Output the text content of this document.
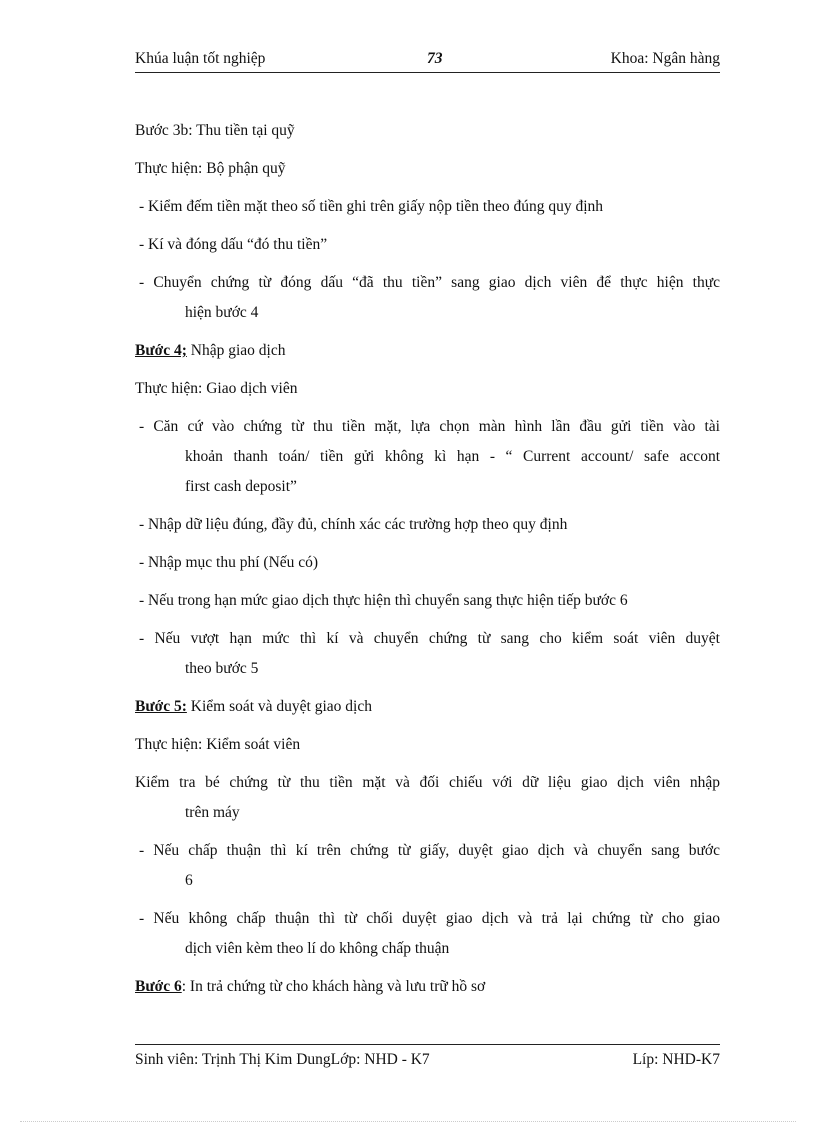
Khúa luận tốt nghiệp	73	Khoa: Ngân hàng
Bước 3b: Thu tiền tại quỹ
Thực hiện: Bộ phận quỹ
- Kiểm đếm tiền mặt theo số tiền ghi trên giấy nộp tiền theo đúng quy định
- Kí và đóng dấu “đó thu tiền”
- Chuyển chứng từ đóng dấu “đã thu tiền” sang giao dịch viên để thực hiện thực
hiện bước 4
Bước 4; Nhập giao dịch
Thực hiện: Giao dịch viên
- Căn cứ vào chứng từ thu tiền mặt, lựa chọn màn hình lần đầu gửi tiền vào tài
khoản thanh toán/ tiền gửi không kì hạn - “ Current account/ safe accont
first cash deposit”
- Nhập dữ liệu đúng, đầy đủ, chính xác các trường hợp theo quy định
- Nhập mục thu phí (Nếu có)
- Nếu trong hạn mức giao dịch thực hiện thì chuyển sang thực hiện tiếp bước 6
- Nếu vượt hạn mức thì kí và chuyển chứng từ sang cho kiểm soát viên duyệt
theo bước 5
Bước 5: Kiểm soát và duyệt giao dịch
Thực hiện: Kiểm soát viên
Kiểm tra bé chứng từ thu tiền mặt và đối chiếu với dữ liệu giao dịch viên nhập
trên máy
- Nếu chấp thuận thì kí trên chứng từ giấy, duyệt giao dịch và chuyển sang bước
6
- Nếu không chấp thuận thì từ chối duyệt giao dịch và trả lại chứng từ cho giao
dịch viên kèm theo lí do không chấp thuận
Bước 6: In trả chứng từ cho khách hàng và lưu trữ hồ sơ
Sinh viên: Trịnh Thị Kim DungLớp: NHD - K7	Líp: NHD-K7
